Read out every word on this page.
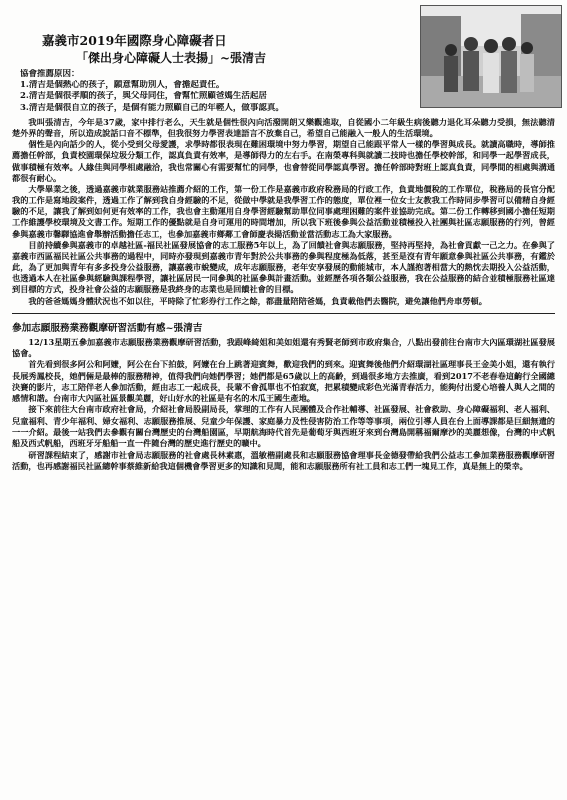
嘉義市2019年國際身心障礙者日
「傑出身心障礙人士表揚」~張清吉
協會推薦原因：
1.清吉是個熱心的孩子，願意幫助別人，會擔起責任。
2.清吉是個很孝順的孩子，與父母同住，會幫忙照顧爸媽生活起居
3.清吉是個很自立的孩子，是個有能力照顧自己的年輕人，做事認真。

我叫張清吉，今年是37歲，家中排行老么，天生就是個性很內向活潑開朗又樂觀進取，自從國小二年級生病後聽力退化耳朵聽力受損，無法聽清楚外界的聲音，所以造成說話口音不標準，但我很努力學習表達語言不放棄自己，希望自己能融入一般人的生活環境。

個性是內向話少的人，從小受到父母愛護，求學時都很表現在難困環境中努力學習，期望自己能跟平常人一樣的學習與成長。就讀高職時，導師推薦擔任幹部，負責校園環保垃圾分類工作，認真負責有效率，是導師得力的左右手。在南榮專科與就讀二技時也擔任學校幹部，和同學一起學習成長，做事積極有效率。人緣佳與同學相處融洽，我也常關心有需要幫忙的同學，也會替從同學認真學習。擔任幹部時對班上認真負責，同學間的相處與溝通都很有耐心。

大學畢業之後，透過嘉義市就業服務站推薦介紹的工作，第一份工作是嘉義市政府稅務局的行政工作，負責地價稅的工作單位，稅務局的長官分配我的工作是寫地段案件，透過工作了解到我自身經驗的不足，從做中學就是我學習工作的態度，單位裡一位女士友教我工作時同步學習可以備精自身經驗的不足，讓我了解到如何更有效率的工作，我也會主動運用自身學習經驗幫助單位同事處理困難的案件並協助完成。第二份工作轉移到國小擔任短期工作維護學校環境及文書工作。短期工作的優點就是自身可運用的時間增加，所以我下班後參與公益活動並積極投入社團與社區志願服務的行列，曾經參與嘉義市馨驛協進會舉辦活動擔任志工，也參加嘉義市鄉鄰工會師慶表揚活動並當活動志工為大家服務。

目前持續參與嘉義市的卓越社區-福民社區發展協會的志工服務5年以上，為了回饋社會與志願服務，堅持再堅持，為社會貢獻一己之力。在參與了嘉義市西區福民社區公共事務的過程中，同時亦發現到嘉義市青年對於公共事務的參與程度極為低落，甚至是沒有青年願意參與社區公共事務，有鑑於此，為了更加與青年有多多投身公益服務，讓嘉義市蛻變成，成年志願服務，老年安享發展的動能城市，本人謹抱著相當大的熱忱去期投入公益活動，也透過本人在社區參與經驗與課程學習，讓社區居民一同參與的社區參與計畫活動。並經歷各項各類公益服務，我在公益服務的結合並積極服務社區達到目標的方式，投身社會公益的志願服務是我終身的志業也是回饋社會的目標。

我的爸爸媽媽身體狀況也不如以往，平時除了忙彩券行工作之餘，都盡量陪陪爸媽，負責載他們去醫院，避免讓他們舟車勞頓。

參加志願服務業務觀摩研習活動有感~張清吉

12/13星期五參加嘉義市志願服務業務觀摩研習活動，我跟峰綺姐和美如姐還有秀賢老師到市政府集合，八點出發前往台南市大內區環湖社區發展協會。

首先看到很多阿公和阿嬤，阿公在台下拍鼓，阿嬤在台上跳著迎賓舞，歡迎我們的到來。迎賓舞後他們介紹環湖社區理事長王金美小姐，還有執行長展秀鳳校長，她們倆是最棒的服務精神，值得我們向她們學習；她們都是65歲以上的高齡，到過很多地方去推廣，看到2017不老春卷這齣行全國總決賽的影片，志工陪伴老人參加活動，經由志工一起成長，長輩不會孤單也不怕寂寞，把累積變成彩色光滿青春活力，能夠付出愛心培養人與人之間的感情和諧。台南市大內區社區景觀美麗，好山好水的社區是有名的木瓜王國生產地。

接下來前往大台南市政府社會局，介紹社會局股副局長，掌理的工作有人民團體及合作社輔導、社區發展、社會救助、身心障礙福利、老人福利、兒童福利、青少年福利、婦女福利、志願服務推展、兒童少年保護、家庭暴力及性侵害防治工作等等事項，兩位引導人員在台上面導課都是巨細無遺的一一介紹。最後一站我們去參觀有關台灣歷史的台灣船園區，早期航海時代首先是葡萄牙與西班牙來到台灣島開稱福爾摩沙的美麗想像，台灣的中式帆船及西式帆船，西班牙牙船船一直一件隨台灣的歷史進行歷史的曠中。

研習課程結束了，感謝市社會局志願服務的社會處長林素惠，溫敏楷副處長和志願服務協會理事長金德發帶給我們公益志工參加業務服務觀摩研習活動，也再感謝福民社區總幹事蔡維新給我這個機會學習更多的知識和見聞，能和志願服務所有社工員和志工們一塊見工作，真是無上的榮幸。
